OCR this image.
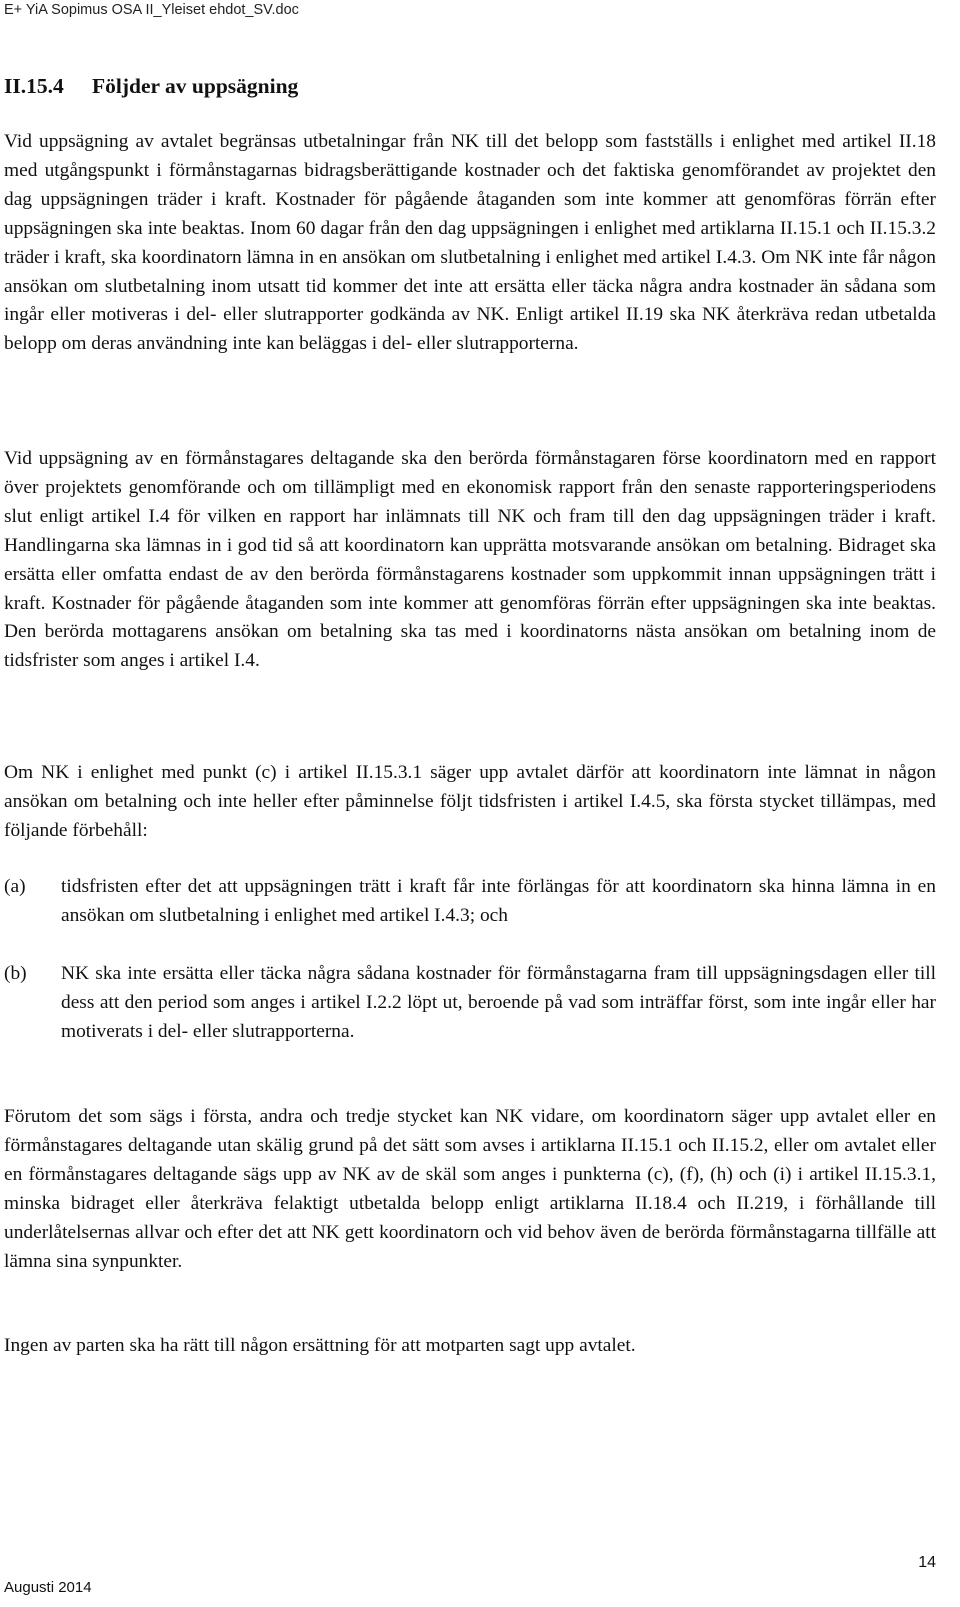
E+ YiA Sopimus OSA II_Yleiset ehdot_SV.doc
II.15.4 Följder av uppsägning

Vid uppsägning av avtalet begränsas utbetalningar från NK till det belopp som fastställs i enlighet med artikel II.18 med utgångspunkt i förmånstagarnas bidragsberättigande kostnader och det faktiska genomförandet av projektet den dag uppsägningen träder i kraft. Kostnader för pågående åtaganden som inte kommer att genomföras förrän efter uppsägningen ska inte beaktas. Inom 60 dagar från den dag uppsägningen i enlighet med artiklarna II.15.1 och II.15.3.2 träder i kraft, ska koordinatorn lämna in en ansökan om slutbetalning i enlighet med artikel I.4.3. Om NK inte får någon ansökan om slutbetalning inom utsatt tid kommer det inte att ersätta eller täcka några andra kostnader än sådana som ingår eller motiveras i del- eller slutrapporter godkända av NK. Enligt artikel II.19 ska NK återkräva redan utbetalda belopp om deras användning inte kan beläggas i del- eller slutrapporterna.

Vid uppsägning av en förmånstagares deltagande ska den berörda förmånstagaren förse koordinatorn med en rapport över projektets genomförande och om tillämpligt med en ekonomisk rapport från den senaste rapporteringsperiodens slut enligt artikel I.4 för vilken en rapport har inlämnats till NK och fram till den dag uppsägningen träder i kraft. Handlingarna ska lämnas in i god tid så att koordinatorn kan upprätta motsvarande ansökan om betalning. Bidraget ska ersätta eller omfatta endast de av den berörda förmånstagarens kostnader som uppkommit innan uppsägningen trätt i kraft. Kostnader för pågående åtaganden som inte kommer att genomföras förrän efter uppsägningen ska inte beaktas. Den berörda mottagarens ansökan om betalning ska tas med i koordinatorns nästa ansökan om betalning inom de tidsfrister som anges i artikel I.4.

Om NK i enlighet med punkt (c) i artikel II.15.3.1 säger upp avtalet därför att koordinatorn inte lämnat in någon ansökan om betalning och inte heller efter påminnelse följt tidsfristen i artikel I.4.5, ska första stycket tillämpas, med följande förbehåll:

(a) tidsfristen efter det att uppsägningen trätt i kraft får inte förlängas för att koordinatorn ska hinna lämna in en ansökan om slutbetalning i enlighet med artikel I.4.3; och
(b) NK ska inte ersätta eller täcka några sådana kostnader för förmånstagarna fram till uppsägningsdagen eller till dess att den period som anges i artikel I.2.2 löpt ut, beroende på vad som inträffar först, som inte ingår eller har motiverats i del- eller slutrapporterna.

Förutom det som sägs i första, andra och tredje stycket kan NK vidare, om koordinatorn säger upp avtalet eller en förmånstagares deltagande utan skälig grund på det sätt som avses i artiklarna II.15.1 och II.15.2, eller om avtalet eller en förmånstagares deltagande sägs upp av NK av de skäl som anges i punkterna (c), (f), (h) och (i) i artikel II.15.3.1, minska bidraget eller återkräva felaktigt utbetalda belopp enligt artiklarna II.18.4 och II.219, i förhållande till underlåtelsernas allvar och efter det att NK gett koordinatorn och vid behov även de berörda förmånstagarna tillfälle att lämna sina synpunkter.

Ingen av parten ska ha rätt till någon ersättning för att motparten sagt upp avtalet.

14
Augusti 2014
